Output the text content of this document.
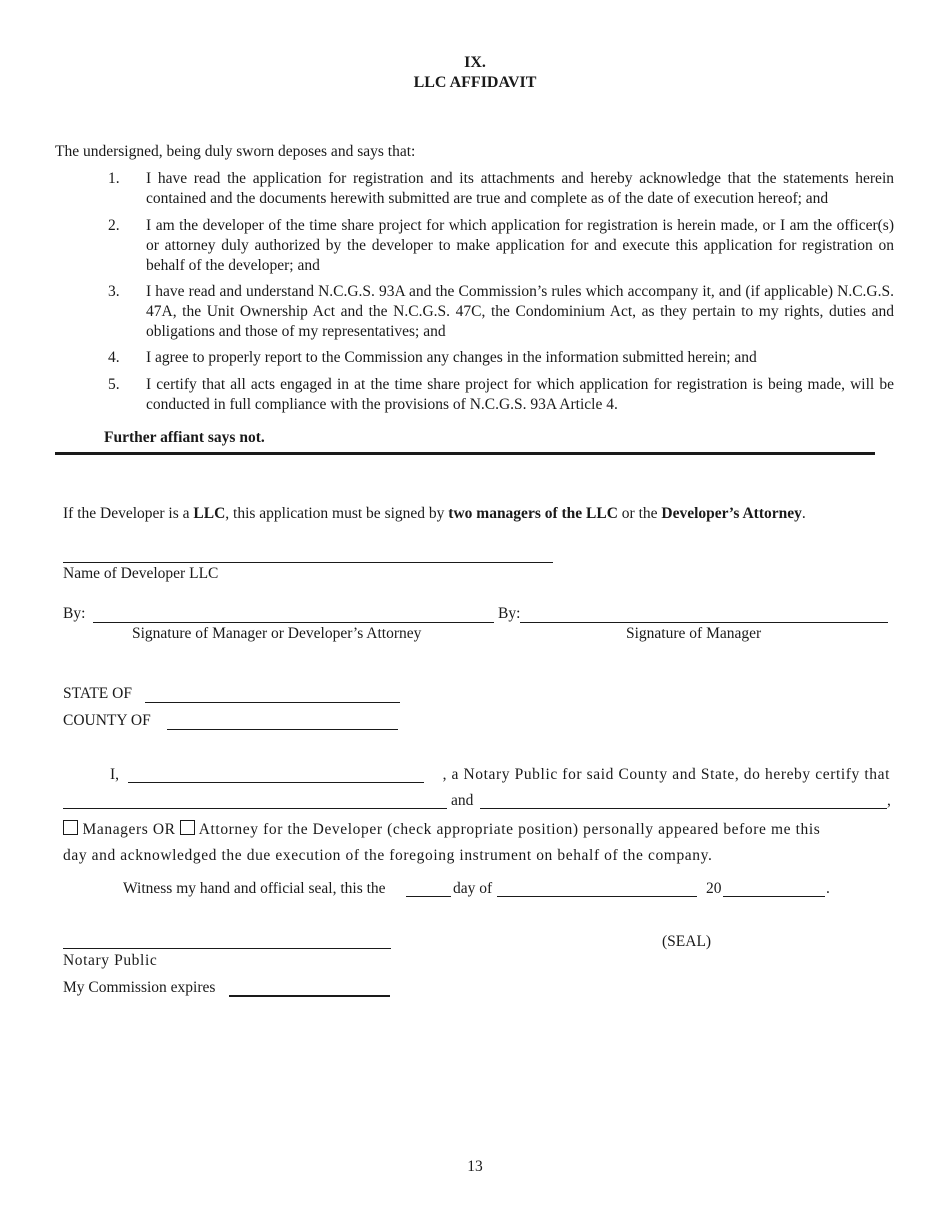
IX.
LLC AFFIDAVIT
The undersigned, being duly sworn deposes and says that:
1.	I have read the application for registration and its attachments and hereby acknowledge that the statements herein contained and the documents herewith submitted are true and complete as of the date of execution hereof; and
2.	I am the developer of the time share project for which application for registration is herein made, or I am the officer(s) or attorney duly authorized by the developer to make application for and execute this application for registration on behalf of the developer; and
3.	I have read and understand N.C.G.S. 93A and the Commission’s rules which accompany it, and (if applicable) N.C.G.S. 47A, the Unit Ownership Act and the N.C.G.S. 47C, the Condominium Act, as they pertain to my rights, duties and obligations and those of my representatives; and
4.	I agree to properly report to the Commission any changes in the information submitted herein; and
5.	I certify that all acts engaged in at the time share project for which application for registration is being made, will be conducted in full compliance with the provisions of N.C.G.S. 93A Article 4.
Further affiant says not.
If the Developer is a LLC, this application must be signed by two managers of the LLC or the Developer’s Attorney.
Name of Developer LLC
By:	By:
Signature of Manager or Developer’s Attorney	Signature of Manager
STATE OF
COUNTY OF
I,	, a Notary Public for said County and State, do hereby certify that
and	,
Managers OR Attorney for the Developer (check appropriate position) personally appeared before me this
day and acknowledged the due execution of the foregoing instrument on behalf of the company.
Witness my hand and official seal, this the	day of	20	.
(SEAL)
Notary Public
My Commission expires
13
